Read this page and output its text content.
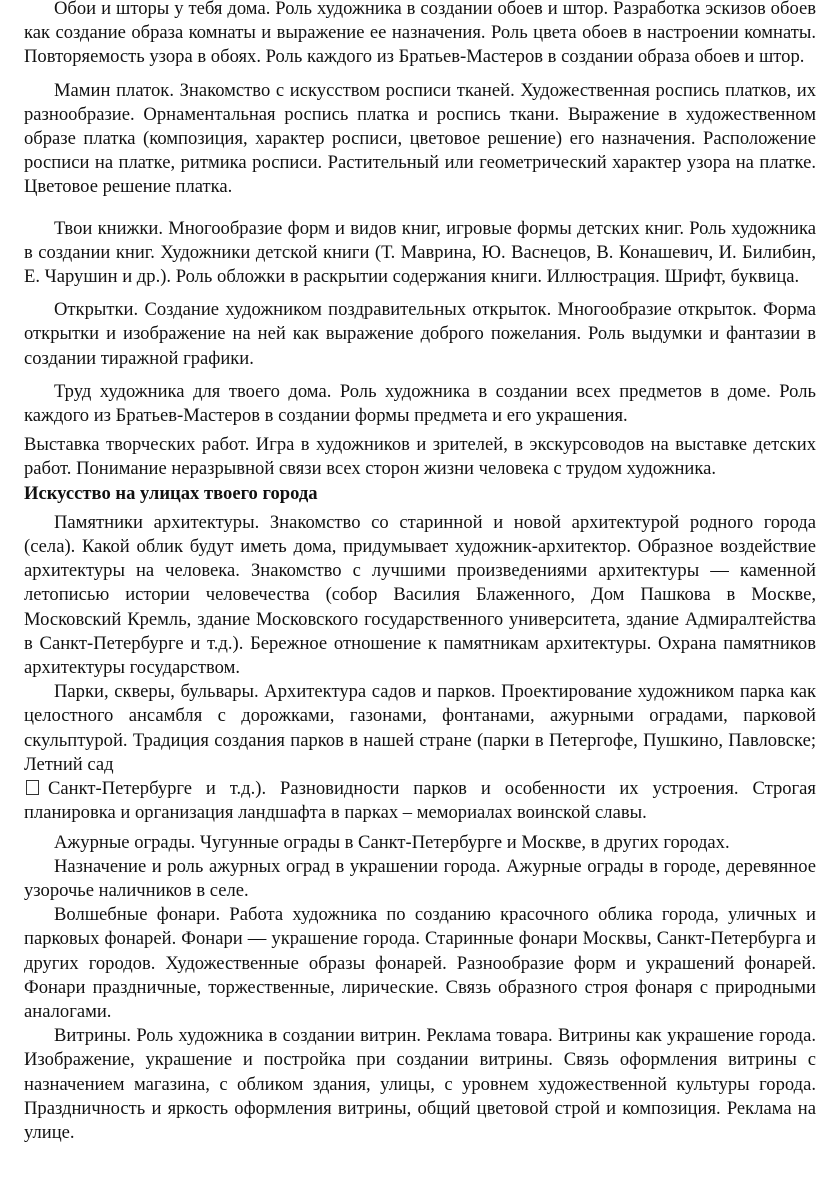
Обои и шторы у тебя дома. Роль художника в создании обоев и штор. Разработка эскизов обоев как создание образа комнаты и выражение ее назначения. Роль цвета обоев в настроении комнаты. Повторяемость узора в обоях. Роль каждого из Братьев-Мастеров в создании образа обоев и штор.

Мамин платок. Знакомство с искусством росписи тканей. Художественная роспись платков, их разнообразие. Орнаментальная роспись платка и роспись ткани. Выражение в художественном образе платка (композиция, характер росписи, цветовое решение) его назначения. Расположение росписи на платке, ритмика росписи. Растительный или геометрический характер узора на платке. Цветовое решение платка.

Твои книжки. Многообразие форм и видов книг, игровые формы детских книг. Роль художника в создании книг. Художники детской книги (Т. Маврина, Ю. Васнецов, В. Конашевич, И. Билибин, Е. Чарушин и др.). Роль обложки в раскрытии содержания книги. Иллюстрация. Шрифт, буквица.

Открытки. Создание художником поздравительных открыток. Многообразие открыток. Форма открытки и изображение на ней как выражение доброго пожелания. Роль выдумки и фантазии в создании тиражной графики.

Труд художника для твоего дома. Роль художника в создании всех предметов в доме. Роль каждого из Братьев-Мастеров в создании формы предмета и его украшения.

Выставка творческих работ. Игра в художников и зрителей, в экскурсоводов на выставке детских работ. Понимание неразрывной связи всех сторон жизни человека с трудом художника.

Искусство на улицах твоего города

Памятники архитектуры. Знакомство со старинной и новой архитектурой родного города (села). Какой облик будут иметь дома, придумывает художник-архитектор. Образное воздействие архитектуры на человека. Знакомство с лучшими произведениями архитектуры — каменной летописью истории человечества (собор Василия Блаженного, Дом Пашкова в Москве, Московский Кремль, здание Московского государственного университета, здание Адмиралтейства в Санкт-Петербурге и т.д.). Бережное отношение к памятникам архитектуры. Охрана памятников архитектуры государством.

Парки, скверы, бульвары. Архитектура садов и парков. Проектирование художником парка как целостного ансамбля с дорожками, газонами, фонтанами, ажурными оградами, парковой скульптурой. Традиция создания парков в нашей стране (парки в Петергофе, Пушкино, Павловске; Летний сад

Санкт-Петербурге и т.д.). Разновидности парков и особенности их устроения. Строгая планировка и организация ландшафта в парках – мемориалах воинской славы.

Ажурные ограды. Чугунные ограды в Санкт-Петербурге и Москве, в других городах.

Назначение и роль ажурных оград в украшении города. Ажурные ограды в городе, деревянное узорочье наличников в селе.

Волшебные фонари. Работа художника по созданию красочного облика города, уличных и парковых фонарей. Фонари — украшение города. Старинные фонари Москвы, Санкт-Петербурга и других городов. Художественные образы фонарей. Разнообразие форм и украшений фонарей. Фонари праздничные, торжественные, лирические. Связь образного строя фонаря с природными аналогами.

Витрины. Роль художника в создании витрин. Реклама товара. Витрины как украшение города. Изображение, украшение и постройка при создании витрины. Связь оформления витрины с назначением магазина, с обликом здания, улицы, с уровнем художественной культуры города. Праздничность и яркость оформления витрины, общий цветовой строй и композиция. Реклама на улице.
